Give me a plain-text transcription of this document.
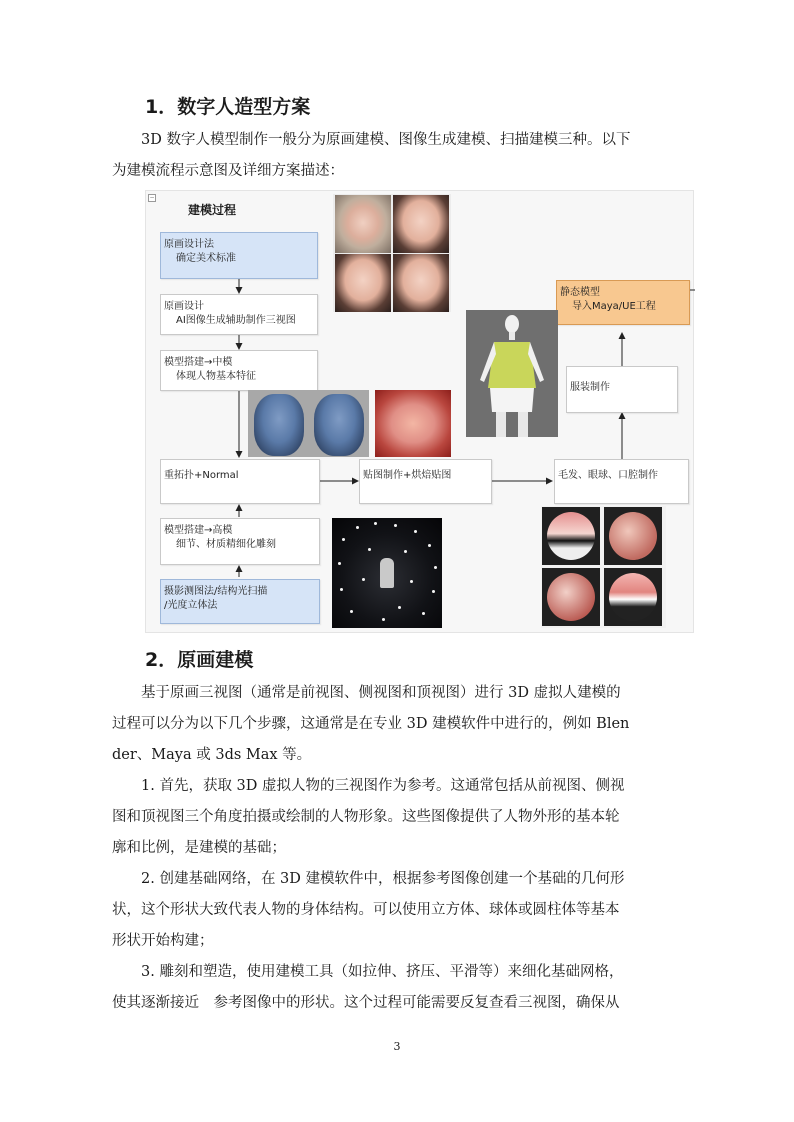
1．数字人造型方案
3D 数字人模型制作一般分为原画建模、图像生成建模、扫描建模三种。以下
为建模流程示意图及详细方案描述：
−
建模过程
原画设计法
确定美术标准
原画设计
AI图像生成辅助制作三视图
模型搭建→中模
体现人物基本特征
重拓扑+Normal
模型搭建→高模
细节、材质精细化雕刻
摄影测图法/结构光扫描
/光度立体法
贴图制作+烘焙贴图	毛发、眼球、口腔制作
服装制作
静态模型
导入Maya/UE工程
2．原画建模
基于原画三视图（通常是前视图、侧视图和顶视图）进行 3D 虚拟人建模的
过程可以分为以下几个步骤，这通常是在专业 3D 建模软件中进行的，例如 Blen
der、Maya 或 3ds Max 等。
1. 首先，获取 3D 虚拟人物的三视图作为参考。这通常包括从前视图、侧视
图和顶视图三个角度拍摄或绘制的人物形象。这些图像提供了人物外形的基本轮
廓和比例，是建模的基础；
2. 创建基础网络，在 3D 建模软件中，根据参考图像创建一个基础的几何形
状，这个形状大致代表人物的身体结构。可以使用立方体、球体或圆柱体等基本
形状开始构建；
3. 雕刻和塑造，使用建模工具（如拉伸、挤压、平滑等）来细化基础网格，
使其逐渐接近　参考图像中的形状。这个过程可能需要反复查看三视图，确保从
3
